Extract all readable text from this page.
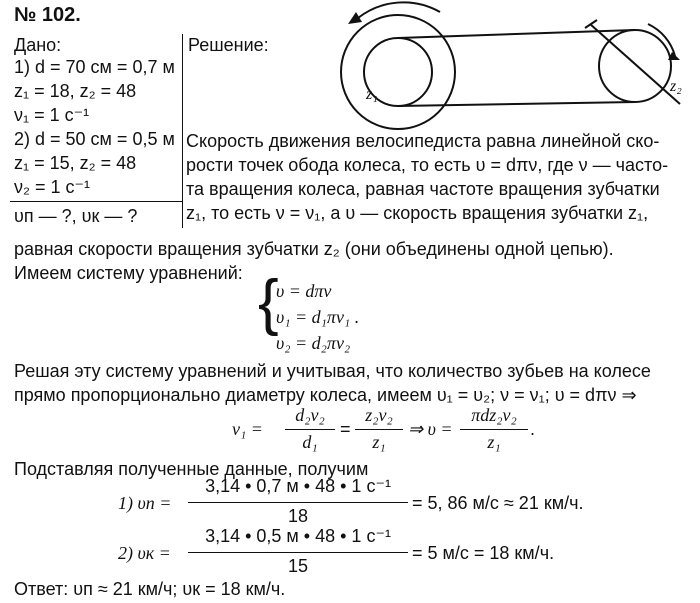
№ 102.
Дано:
1) d = 70 см = 0,7 м
z₁ = 18, z₂ = 48
ν₁ = 1 с⁻¹
2) d = 50 см = 0,5 м
z₁ = 15, z₂ = 48
ν₂ = 1 с⁻¹
υп — ?, υк — ?
Решение:
z₁	z₂
Скорость движения велосипедиста равна линейной ско-
рости точек обода колеса, то есть υ = dπν, где ν — часто-
та вращения колеса, равная частоте вращения зубчатки
z₁, то есть ν = ν₁, а υ — скорость вращения зубчатки z₁,
равная скорости вращения зубчатки z₂ (они объединены одной цепью).
Имеем систему уравнений: {
υ = dπν
υ₁ = d₁πν₁ .
υ₂ = d₂πν₂
Решая эту систему уравнений и учитывая, что количество зубьев на колесе
прямо пропорционально диаметру колеса, имеем υ₁ = υ₂; ν = ν₁; υ = dπν ⇒
ν₁ =
d₂ν₂
d₁
=
z₂ν₂
z₁
⇒ υ =
πdz₂ν₂
z₁
.
Подставляя полученные данные, получим
1) υп =
3,14 • 0,7 м • 48 • 1 с⁻¹
18
= 5, 86 м/с ≈ 21 км/ч.
2) υк =
3,14 • 0,5 м • 48 • 1 с⁻¹
15
= 5 м/с = 18 км/ч.
Ответ: υп ≈ 21 км/ч; υк = 18 км/ч.
